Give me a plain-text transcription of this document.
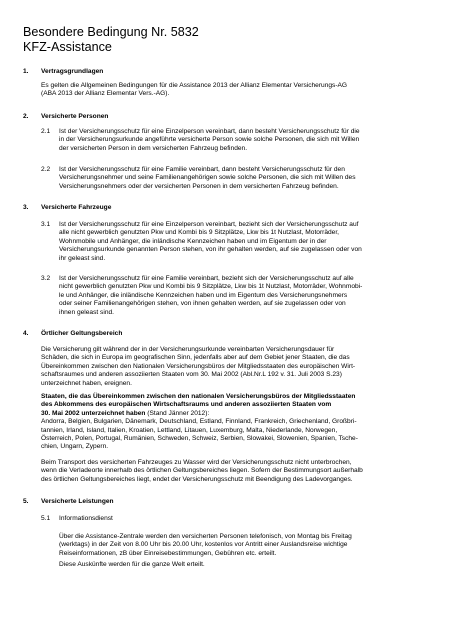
Besondere Bedingung Nr. 5832
KFZ-Assistance
1. Vertragsgrundlagen
Es gelten die Allgemeinen Bedingungen für die Assistance 2013 der Allianz Elementar Versicherungs-AG
(ABA 2013 der Allianz Elementar Vers.-AG).
2. Versicherte Personen
2.1 Ist der Versicherungsschutz für eine Einzelperson vereinbart, dann besteht Versicherungsschutz für die
in der Versicherungsurkunde angeführte versicherte Person sowie solche Personen, die sich mit Willen
der versicherten Person in dem versicherten Fahrzeug befinden.
2.2 Ist der Versicherungsschutz für eine Familie vereinbart, dann besteht Versicherungsschutz für den
Versicherungsnehmer und seine Familienangehörigen sowie solche Personen, die sich mit Willen des
Versicherungsnehmers oder der versicherten Personen in dem versicherten Fahrzeug befinden.
3. Versicherte Fahrzeuge
3.1 Ist der Versicherungsschutz für eine Einzelperson vereinbart, bezieht sich der Versicherungsschutz auf
alle nicht gewerblich genutzten Pkw und Kombi bis 9 Sitzplätze, Lkw bis 1t Nutzlast, Motorräder,
Wohnmobile und Anhänger, die inländische Kennzeichen haben und im Eigentum der in der
Versicherungsurkunde genannten Person stehen, von ihr gehalten werden, auf sie zugelassen oder von
ihr geleast sind.
3.2 Ist der Versicherungsschutz für eine Familie vereinbart, bezieht sich der Versicherungsschutz auf alle
nicht gewerblich genutzten Pkw und Kombi bis 9 Sitzplätze, Lkw bis 1t Nutzlast, Motorräder, Wohnmobi-
le und Anhänger, die inländische Kennzeichen haben und im Eigentum des Versicherungsnehmers
oder seiner Familienangehörigen stehen, von ihnen gehalten werden, auf sie zugelassen oder von
ihnen geleast sind.
4. Örtlicher Geltungsbereich
Die Versicherung gilt während der in der Versicherungsurkunde vereinbarten Versicherungsdauer für
Schäden, die sich in Europa im geografischen Sinn, jedenfalls aber auf dem Gebiet jener Staaten, die das
Übereinkommen zwischen den Nationalen Versicherungsbüros der Mitgliedsstaaten des europäischen Wirt-
schaftsraumes und anderen assoziierten Staaten vom 30. Mai 2002 (Abl.Nr.L 192 v. 31. Juli 2003 S.23)
unterzeichnet haben, ereignen.
Staaten, die das Übereinkommen zwischen den nationalen Versicherungsbüros der Mitgliedsstaaten
des Abkommens des europäischen Wirtschaftsraums und anderen assoziierten Staaten vom
30. Mai 2002 unterzeichnet haben (Stand Jänner 2012):
Andorra, Belgien, Bulgarien, Dänemark, Deutschland, Estland, Finnland, Frankreich, Griechenland, Großbri-
tannien, Irland, Island, Italien, Kroatien, Lettland, Litauen, Luxemburg, Malta, Niederlande, Norwegen,
Österreich, Polen, Portugal, Rumänien, Schweden, Schweiz, Serbien, Slowakei, Slowenien, Spanien, Tsche-
chien, Ungarn, Zypern.
Beim Transport des versicherten Fahrzeuges zu Wasser wird der Versicherungsschutz nicht unterbrochen,
wenn die Verladeorte innerhalb des örtlichen Geltungsbereiches liegen. Sofern der Bestimmungsort außerhalb
des örtlichen Geltungsbereiches liegt, endet der Versicherungsschutz mit Beendigung des Ladevorganges.
5. Versicherte Leistungen
5.1 Informationsdienst
Über die Assistance-Zentrale werden den versicherten Personen telefonisch, von Montag bis Freitag
(werktags) in der Zeit von 8.00 Uhr bis 20.00 Uhr, kostenlos vor Antritt einer Auslandsreise wichtige
Reiseinformationen, zB über Einreisebestimmungen, Gebühren etc. erteilt.
Diese Auskünfte werden für die ganze Welt erteilt.
